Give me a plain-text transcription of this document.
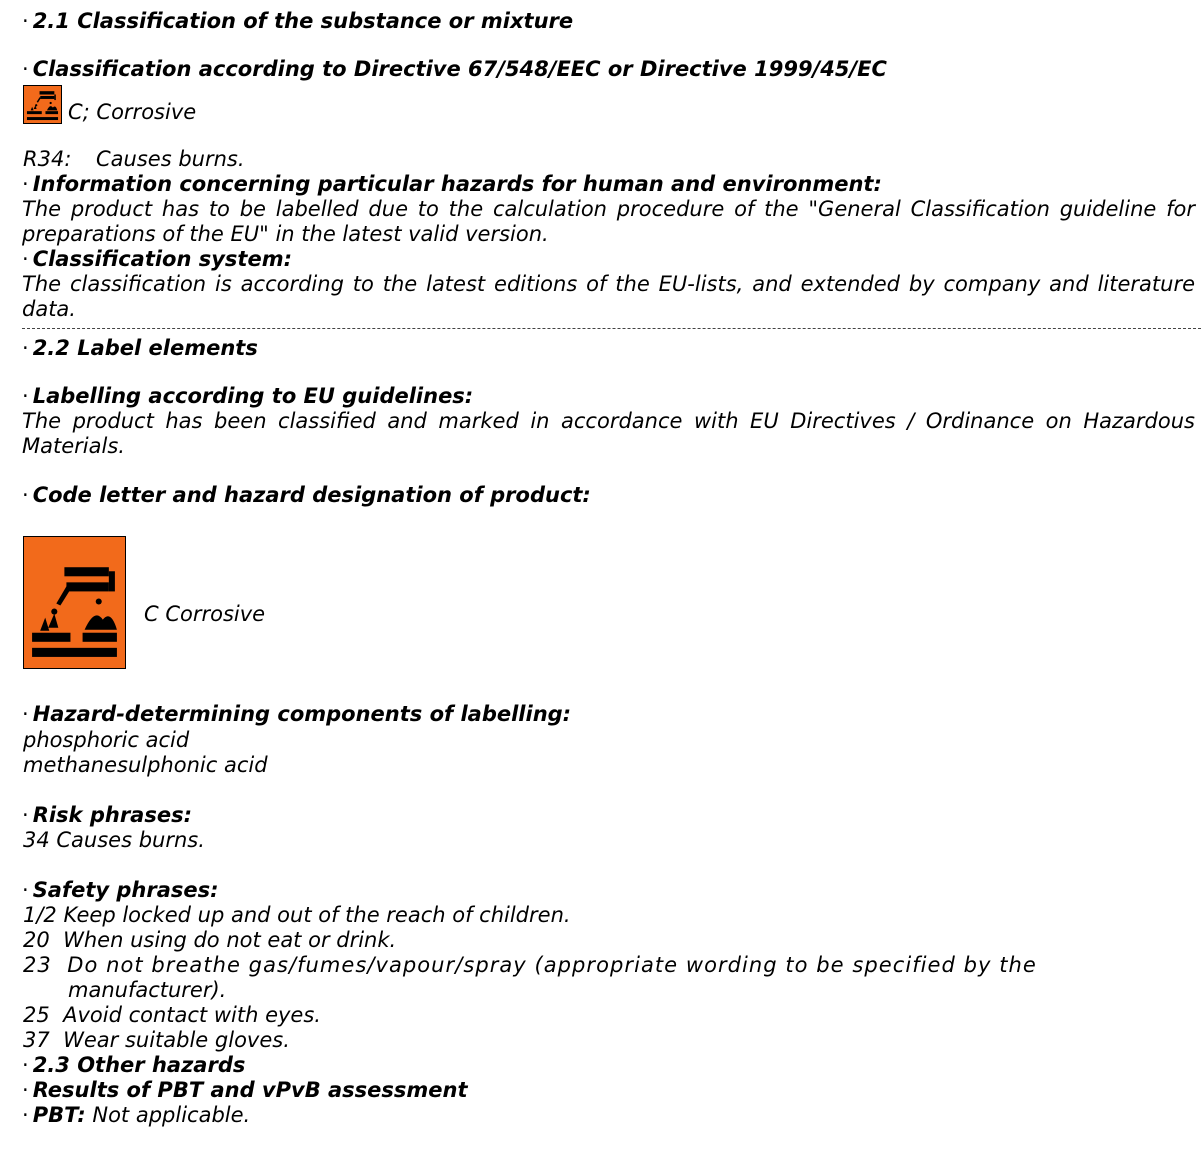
· 2.1 Classification of the substance or mixture
· Classification according to Directive 67/548/EEC or Directive 1999/45/EC
C; Corrosive
R34: Causes burns.
· Information concerning particular hazards for human and environment:
The product has to be labelled due to the calculation procedure of the "General Classification guideline for preparations of the EU" in the latest valid version.
· Classification system:
The classification is according to the latest editions of the EU-lists, and extended by company and literature data.
· 2.2 Label elements
· Labelling according to EU guidelines:
The product has been classified and marked in accordance with EU Directives / Ordinance on Hazardous Materials.
· Code letter and hazard designation of product:
C Corrosive
· Hazard-determining components of labelling:
phosphoric acid
methanesulphonic acid
· Risk phrases:
34 Causes burns.
· Safety phrases:
1/2 Keep locked up and out of the reach of children.
20 When using do not eat or drink.
23 Do not breathe gas/fumes/vapour/spray (appropriate wording to be specified by the
manufacturer).
25 Avoid contact with eyes.
37 Wear suitable gloves.
· 2.3 Other hazards
· Results of PBT and vPvB assessment
· PBT: Not applicable.
